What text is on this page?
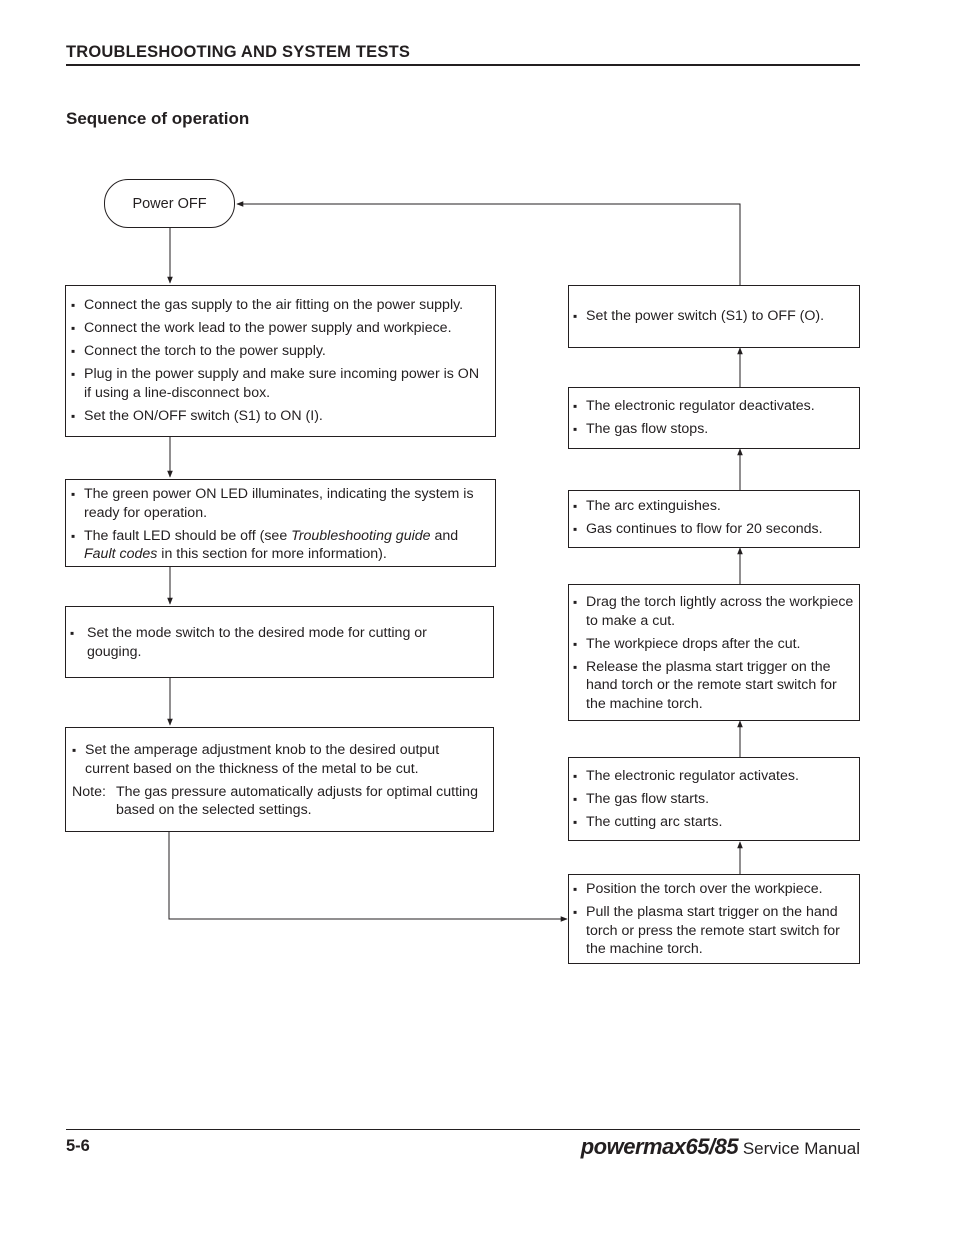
TROUBLESHOOTING AND SYSTEM TESTS
Sequence of operation
Power OFF
▪ Connect the gas supply to the air fitting on the power supply.
▪ Connect the work lead to the power supply and workpiece.
▪ Connect the torch to the power supply.
▪ Plug in the power supply and make sure incoming power is ON if using a line-disconnect box.
▪ Set the ON/OFF switch (S1) to ON (I).
▪ The green power ON LED illuminates, indicating the system is ready for operation.
▪ The fault LED should be off (see Troubleshooting guide and Fault codes in this section for more information).
▪ Set the mode switch to the desired mode for cutting or gouging.
▪ Set the amperage adjustment knob to the desired output current based on the thickness of the metal to be cut.
Note: The gas pressure automatically adjusts for optimal cutting based on the selected settings.
▪ Position the torch over the workpiece.
▪ Pull the plasma start trigger on the hand torch or press the remote start switch for the machine torch.
▪ The electronic regulator activates.
▪ The gas flow starts.
▪ The cutting arc starts.
▪ Drag the torch lightly across the workpiece to make a cut.
▪ The workpiece drops after the cut.
▪ Release the plasma start trigger on the hand torch or the remote start switch for the machine torch.
▪ The arc extinguishes.
▪ Gas continues to flow for 20 seconds.
▪ The electronic regulator deactivates.
▪ The gas flow stops.
▪ Set the power switch (S1) to OFF (O).
5-6	powermax65/85 Service Manual
